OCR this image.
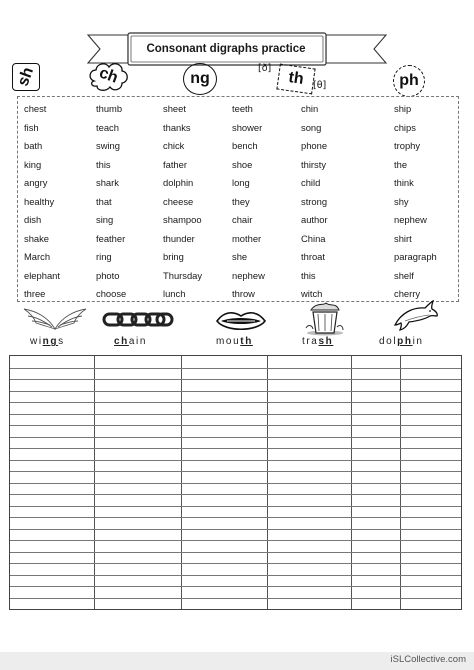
Consonant digraphs practice
sh	ch	ng
[ð]
th [θ]	ph
chest	thumb	sheet	teeth	chin	ship
fish	teach	thanks	shower	song	chips
bath	swing	chick	bench	phone	trophy
king	this	father	shoe	thirsty	the
angry	shark	dolphin	long	child	think
healthy	that	cheese	they	strong	shy
dish	sing	shampoo	chair	author	nephew
shake	feather	thunder	mother	China	shirt
March	ring	bring	she	throat	paragraph
elephant	photo	Thursday	nephew	this	shelf
three	choose	lunch	throw	witch	cherry
wings	chain	mouth	trash	dolphin
iSLCollective.com
